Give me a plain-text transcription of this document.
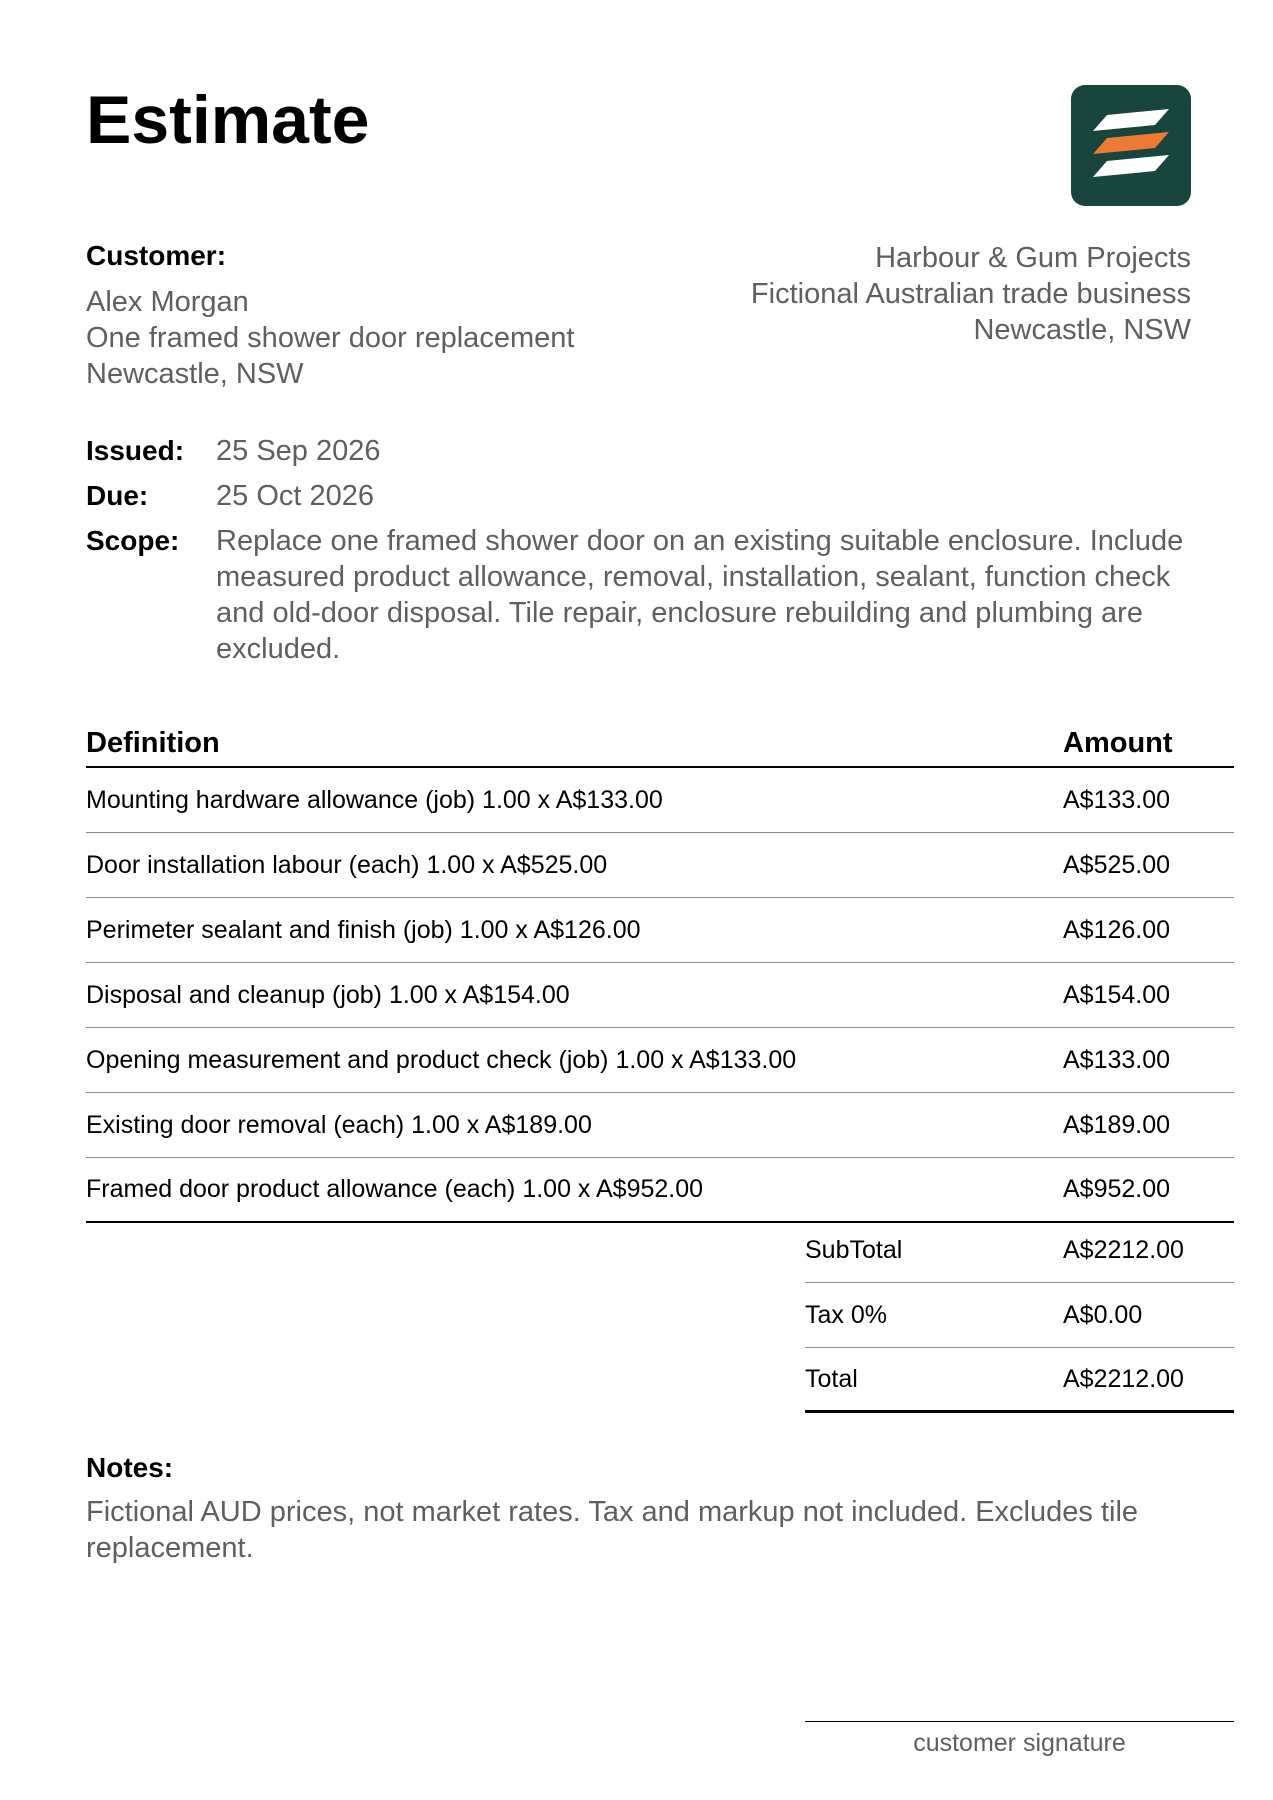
Estimate
Customer:
Alex Morgan
One framed shower door replacement
Newcastle, NSW
Harbour & Gum Projects
Fictional Australian trade business
Newcastle, NSW
Issued:	25 Sep 2026
Due:	25 Oct 2026
Scope:	Replace one framed shower door on an existing suitable enclosure. Include measured product allowance, removal, installation, sealant, function check and old-door disposal. Tile repair, enclosure rebuilding and plumbing are excluded.
Definition	Amount
Mounting hardware allowance (job) 1.00 x A$133.00	A$133.00
Door installation labour (each) 1.00 x A$525.00	A$525.00
Perimeter sealant and finish (job) 1.00 x A$126.00	A$126.00
Disposal and cleanup (job) 1.00 x A$154.00	A$154.00
Opening measurement and product check (job) 1.00 x A$133.00	A$133.00
Existing door removal (each) 1.00 x A$189.00	A$189.00
Framed door product allowance (each) 1.00 x A$952.00	A$952.00
SubTotal	A$2212.00
Tax 0%	A$0.00
Total	A$2212.00
Notes:
Fictional AUD prices, not market rates. Tax and markup not included. Excludes tile replacement.
customer signature
